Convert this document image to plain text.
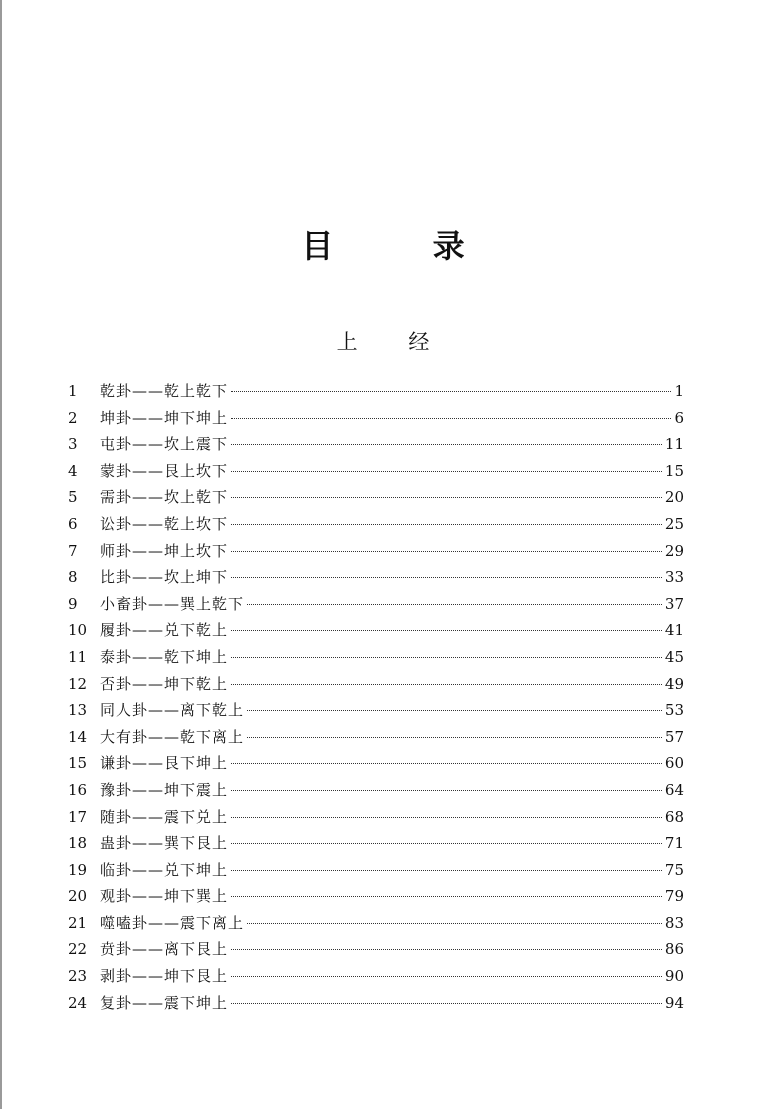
目 录
上 经
1	乾卦——乾上乾下	1
2	坤卦——坤下坤上	6
3	屯卦——坎上震下	11
4	蒙卦——艮上坎下	15
5	需卦——坎上乾下	20
6	讼卦——乾上坎下	25
7	师卦——坤上坎下	29
8	比卦——坎上坤下	33
9	小畜卦——巽上乾下	37
10 履卦——兑下乾上	41
11 泰卦——乾下坤上	45
12 否卦——坤下乾上	49
13 同人卦——离下乾上	53
14 大有卦——乾下离上	57
15 谦卦——艮下坤上	60
16 豫卦——坤下震上	64
17 随卦——震下兑上	68
18 蛊卦——巽下艮上	71
19 临卦——兑下坤上	75
20 观卦——坤下巽上	79
21 噬嗑卦——震下离上	83
22 贲卦——离下艮上	86
23 剥卦——坤下艮上	90
24 复卦——震下坤上	94
